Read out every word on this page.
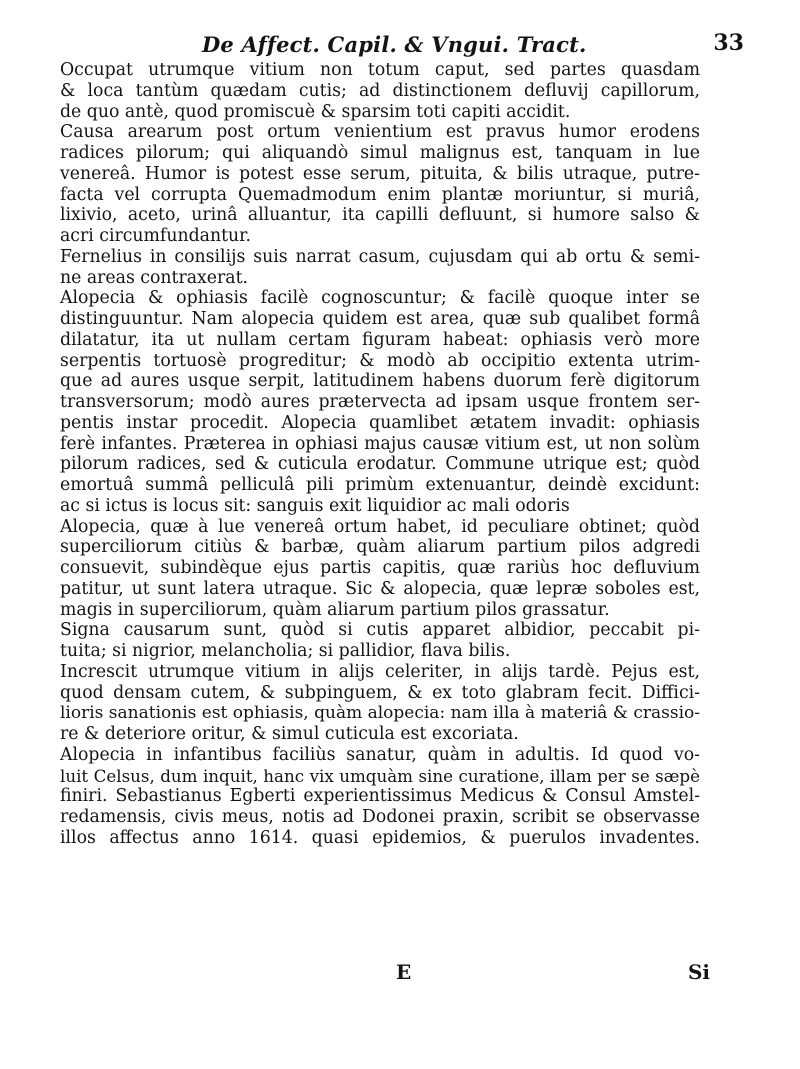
De Affect. Capil. & Vngui. Tract.	33
Occupat utrumque vitium non totum caput, sed partes quasdam
& loca tantùm quædam cutis; ad distinctionem defluvij capillorum,
de quo antè, quod promiscuè & sparsim toti capiti accidit.
Causa arearum post ortum venientium est pravus humor erodens
radices pilorum; qui aliquandò simul malignus est, tanquam in lue
venereâ. Humor is potest esse serum, pituita, & bilis utraque, putre-
facta vel corrupta Quemadmodum enim plantæ moriuntur, si muriâ,
lixivio, aceto, urinâ alluantur, ita capilli defluunt, si humore salso &
acri circumfundantur.
Fernelius in consilijs suis narrat casum, cujusdam qui ab ortu & semi-
ne areas contraxerat.
Alopecia & ophiasis facilè cognoscuntur; & facilè quoque inter se
distinguuntur. Nam alopecia quidem est area, quæ sub qualibet formâ
dilatatur, ita ut nullam certam figuram habeat: ophiasis verò more
serpentis tortuosè progreditur; & modò ab occipitio extenta utrim-
que ad aures usque serpit, latitudinem habens duorum ferè digitorum
transversorum; modò aures prætervecta ad ipsam usque frontem ser-
pentis instar procedit. Alopecia quamlibet ætatem invadit: ophiasis
ferè infantes. Præterea in ophiasi majus causæ vitium est, ut non solùm
pilorum radices, sed & cuticula erodatur. Commune utrique est; quòd
emortuâ summâ pelliculâ pili primùm extenuantur, deindè excidunt:
ac si ictus is locus sit: sanguis exit liquidior ac mali odoris
Alopecia, quæ à lue venereâ ortum habet, id peculiare obtinet; quòd
superciliorum citiùs & barbæ, quàm aliarum partium pilos adgredi
consuevit, subindèque ejus partis capitis, quæ rariùs hoc defluvium
patitur, ut sunt latera utraque. Sic & alopecia, quæ lepræ soboles est,
magis in superciliorum, quàm aliarum partium pilos grassatur.
Signa causarum sunt, quòd si cutis apparet albidior, peccabit pi-
tuita; si nigrior, melancholia; si pallidior, flava bilis.
Increscit utrumque vitium in alijs celeriter, in alijs tardè. Pejus est,
quod densam cutem, & subpinguem, & ex toto glabram fecit. Diffici-
lioris sanationis est ophiasis, quàm alopecia: nam illa à materiâ & crassio-
re & deteriore oritur, & simul cuticula est excoriata.
Alopecia in infantibus faciliùs sanatur, quàm in adultis. Id quod vo-
luit Celsus, dum inquit, hanc vix umquàm sine curatione, illam per se sæpè
finiri. Sebastianus Egberti experientissimus Medicus & Consul Amstel-
redamensis, civis meus, notis ad Dodonei praxin, scribit se observasse
illos affectus anno 1614. quasi epidemios, & puerulos invadentes.
E	Si
